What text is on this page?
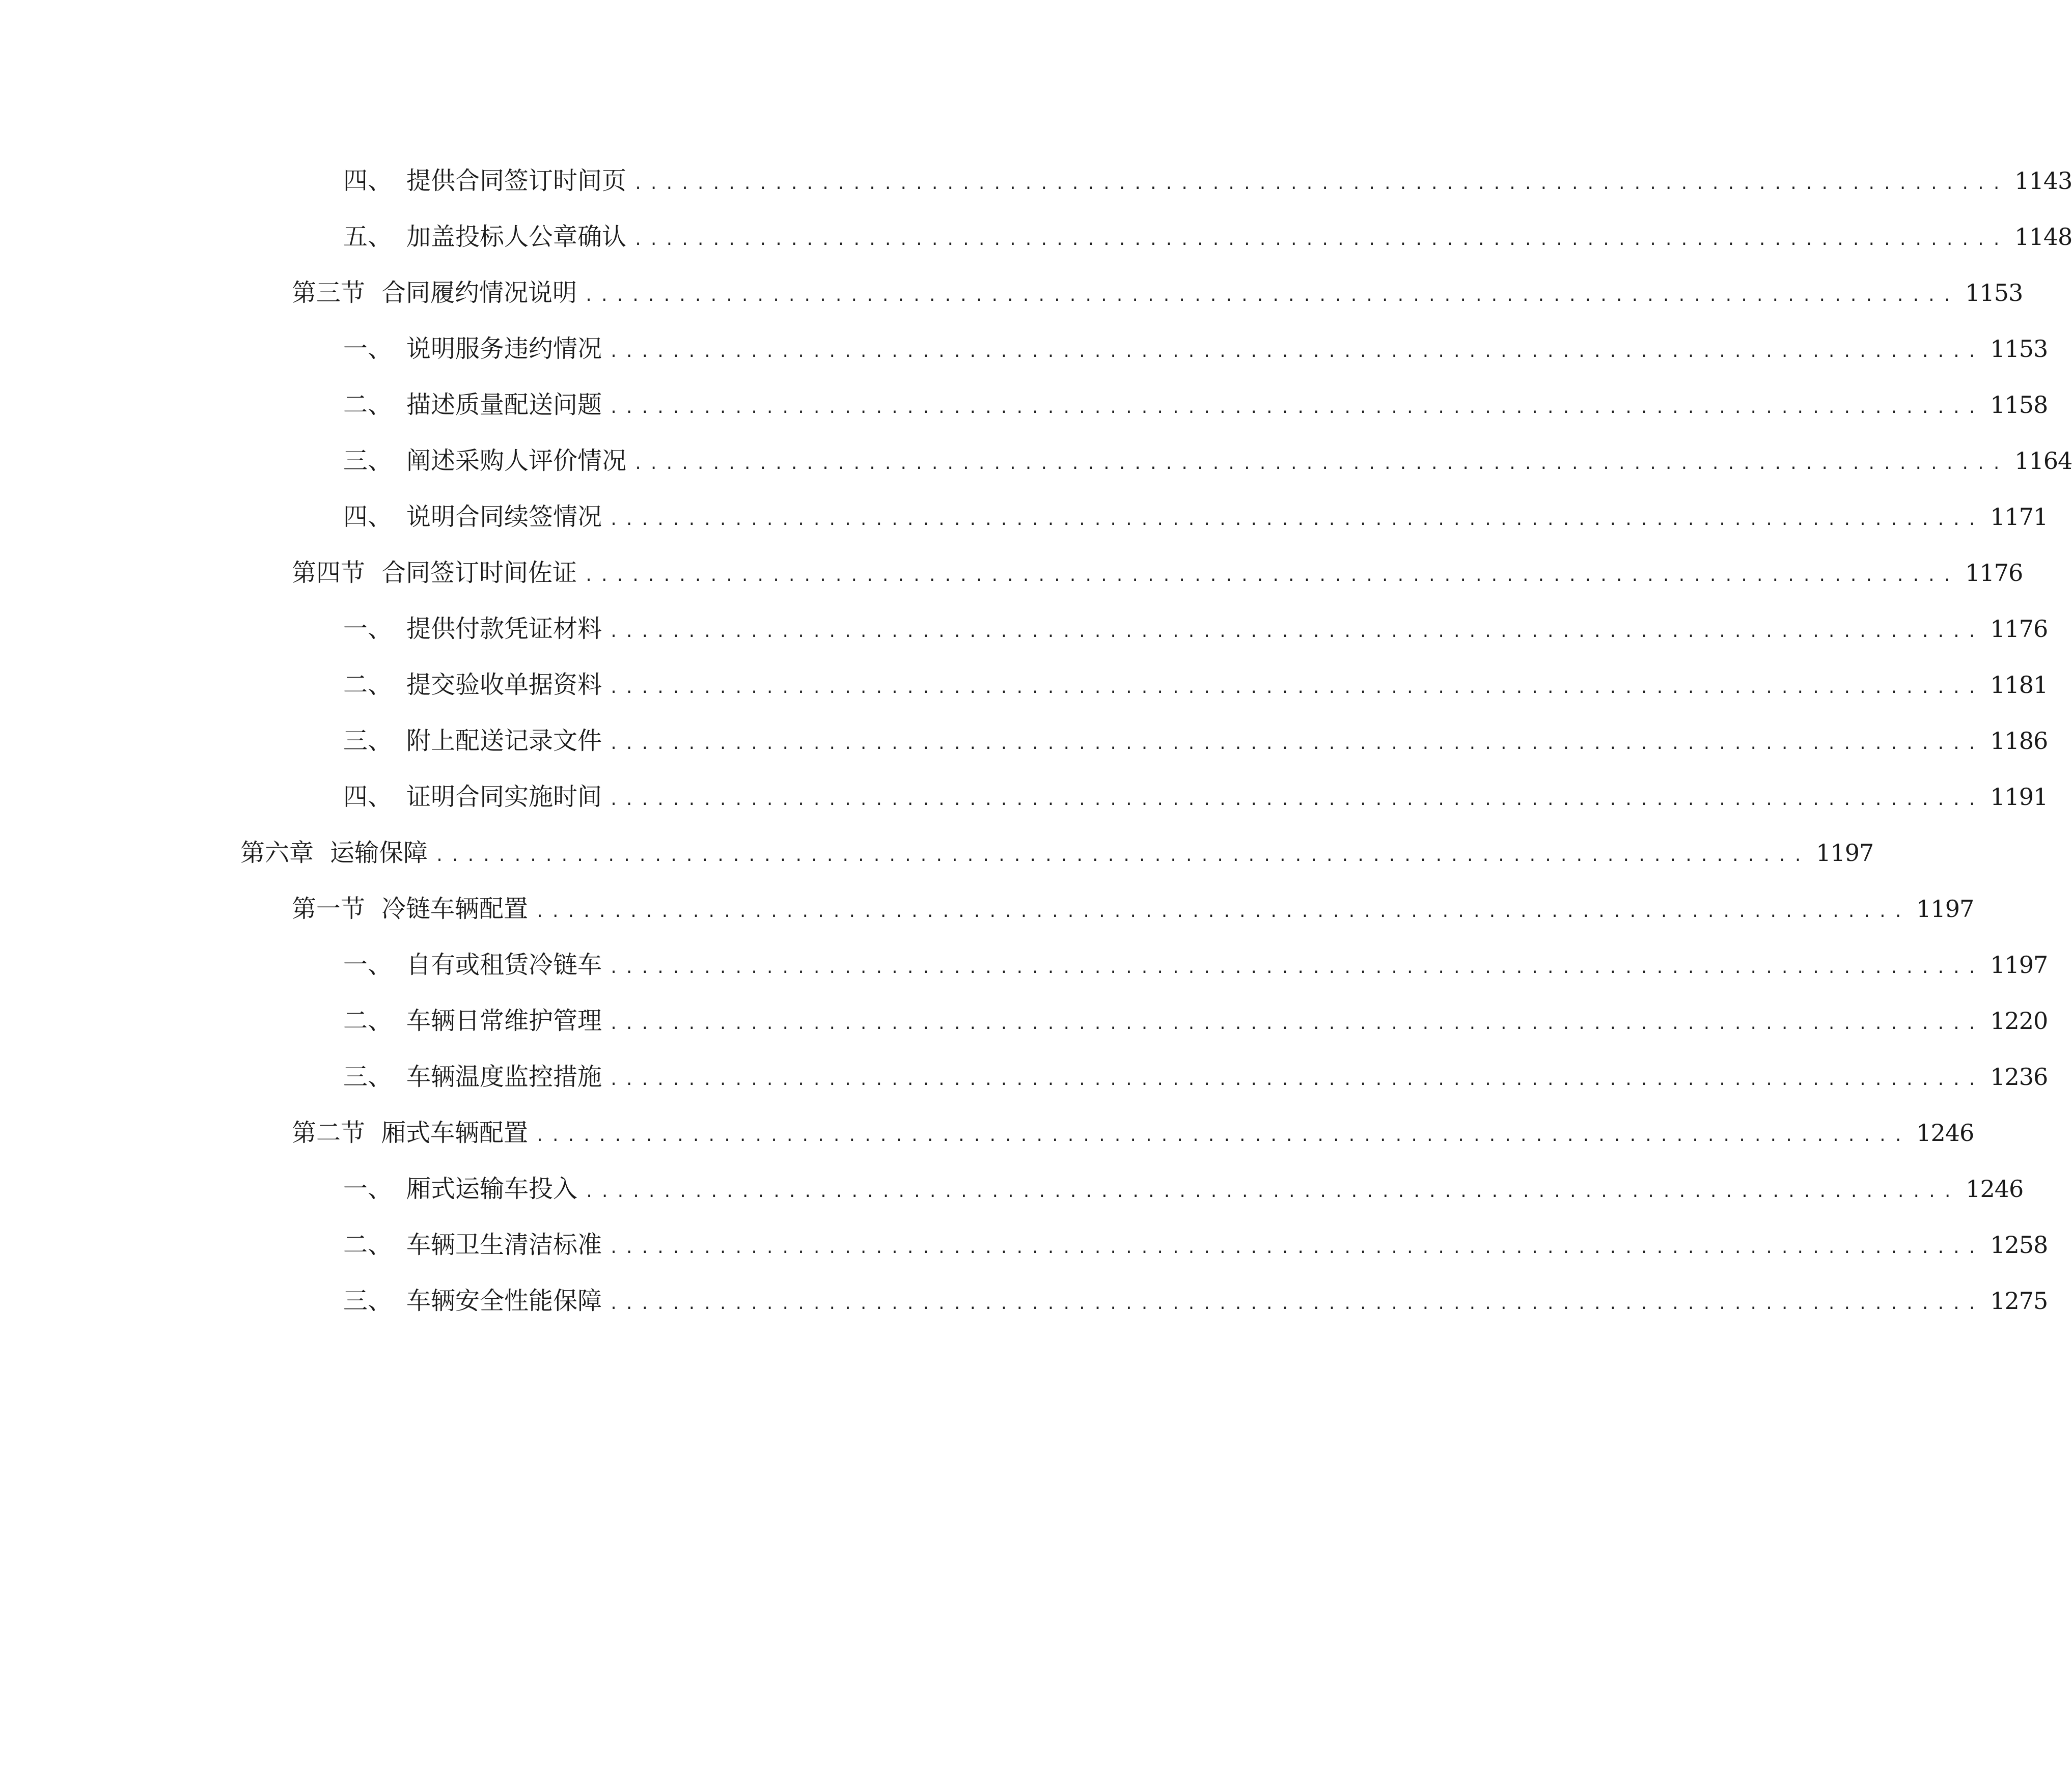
四、 提供合同签订时间页 ........................................................................................ 1143
五、 加盖投标人公章确认 ........................................................................................ 1148
第三节 合同履约情况说明 ........................................................................................ 1153
一、 说明服务违约情况 ........................................................................................ 1153
二、 描述质量配送问题 ........................................................................................ 1158
三、 阐述采购人评价情况 ........................................................................................ 1164
四、 说明合同续签情况 ........................................................................................ 1171
第四节 合同签订时间佐证 ........................................................................................ 1176
一、 提供付款凭证材料 ........................................................................................ 1176
二、 提交验收单据资料 ........................................................................................ 1181
三、 附上配送记录文件 ........................................................................................ 1186
四、 证明合同实施时间 ........................................................................................ 1191
第六章 运输保障 ........................................................................................ 1197
第一节 冷链车辆配置 ........................................................................................ 1197
一、 自有或租赁冷链车 ........................................................................................ 1197
二、 车辆日常维护管理 ........................................................................................ 1220
三、 车辆温度监控措施 ........................................................................................ 1236
第二节 厢式车辆配置 ........................................................................................ 1246
一、 厢式运输车投入 ........................................................................................ 1246
二、 车辆卫生清洁标准 ........................................................................................ 1258
三、 车辆安全性能保障 ........................................................................................ 1275
